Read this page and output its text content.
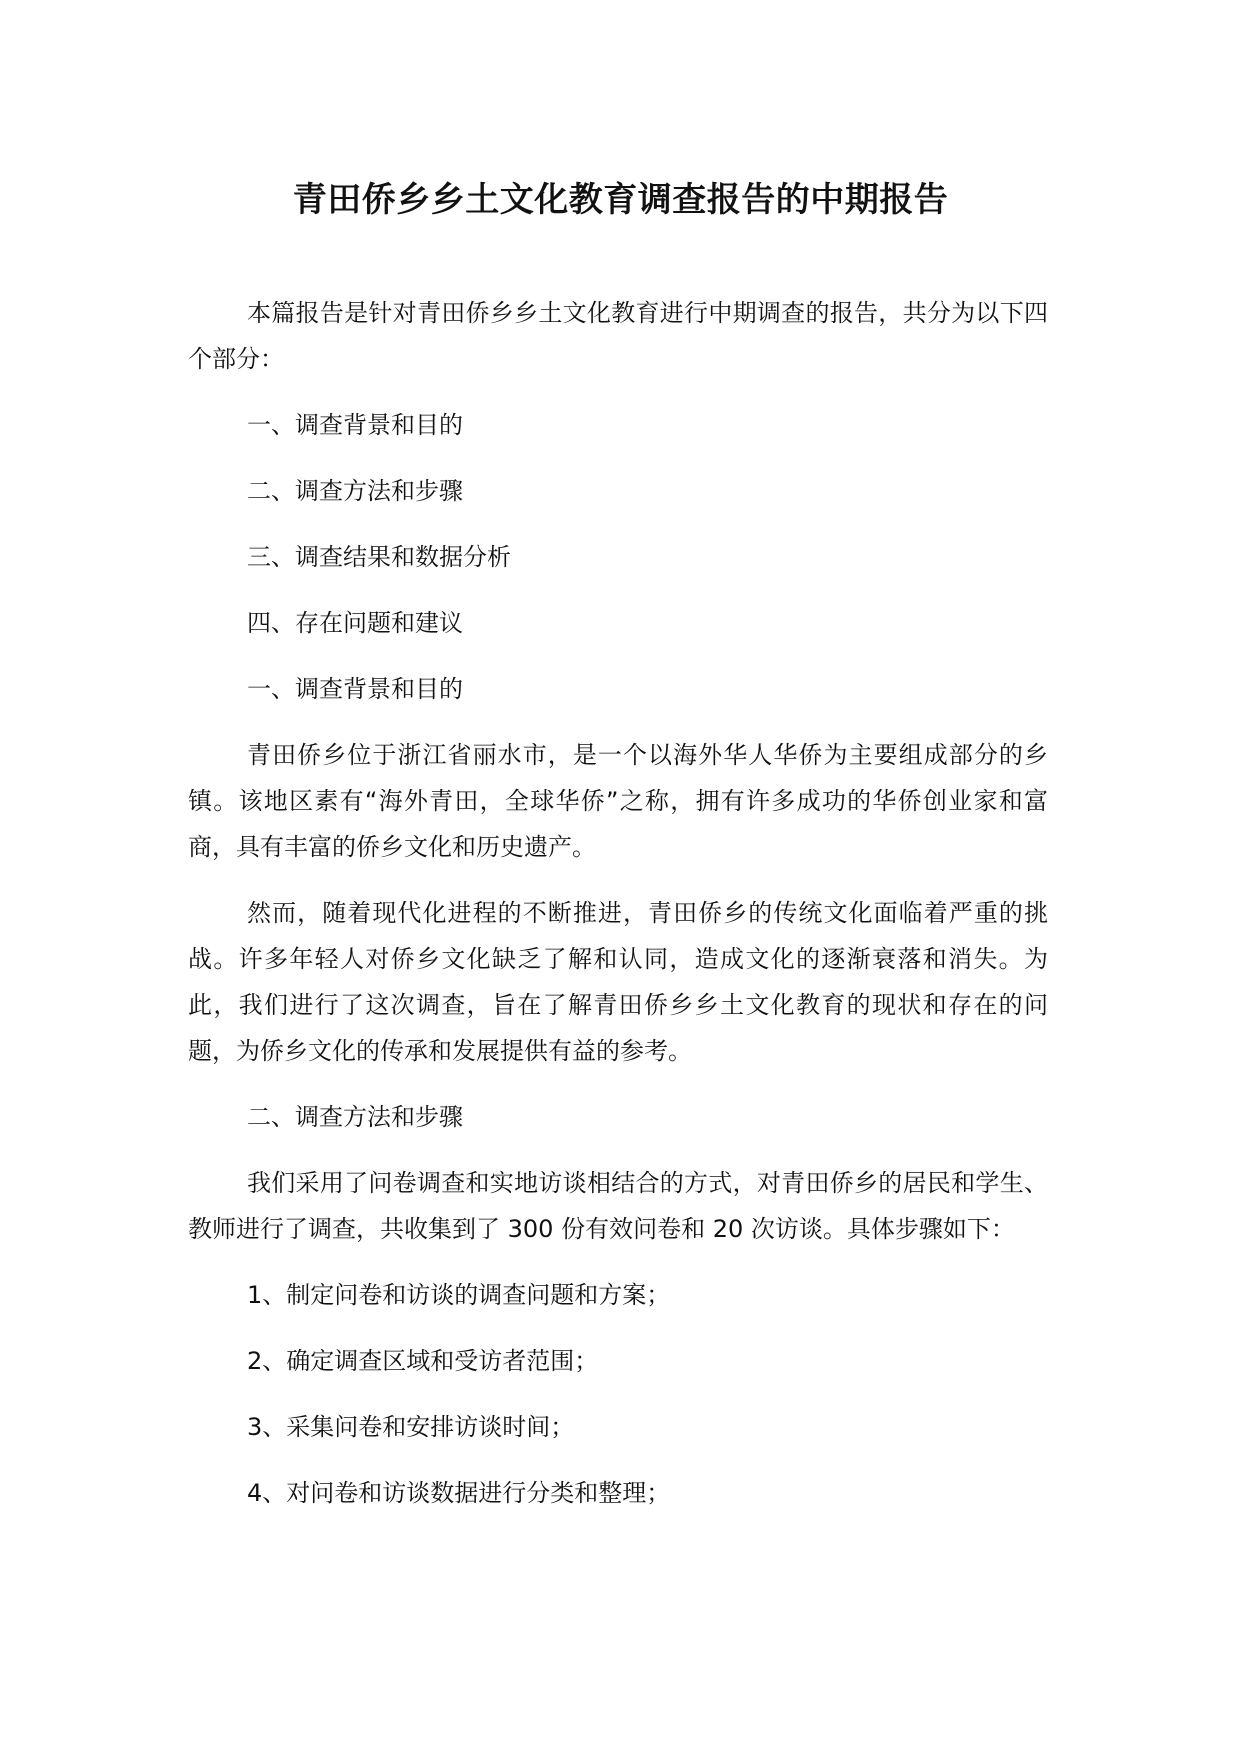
青田侨乡乡土文化教育调查报告的中期报告

本篇报告是针对青田侨乡乡土文化教育进行中期调查的报告，共分为以下四个部分：

一、调查背景和目的
二、调查方法和步骤
三、调查结果和数据分析
四、存在问题和建议
一、调查背景和目的

青田侨乡位于浙江省丽水市，是一个以海外华人华侨为主要组成部分的乡镇。该地区素有“海外青田，全球华侨”之称，拥有许多成功的华侨创业家和富商，具有丰富的侨乡文化和历史遗产。

然而，随着现代化进程的不断推进，青田侨乡的传统文化面临着严重的挑战。许多年轻人对侨乡文化缺乏了解和认同，造成文化的逐渐衰落和消失。为此，我们进行了这次调查，旨在了解青田侨乡乡土文化教育的现状和存在的问题，为侨乡文化的传承和发展提供有益的参考。

二、调查方法和步骤

我们采用了问卷调查和实地访谈相结合的方式，对青田侨乡的居民和学生、教师进行了调查，共收集到了 300 份有效问卷和 20 次访谈。具体步骤如下：

1、制定问卷和访谈的调查问题和方案；
2、确定调查区域和受访者范围；
3、采集问卷和安排访谈时间；
4、对问卷和访谈数据进行分类和整理；
